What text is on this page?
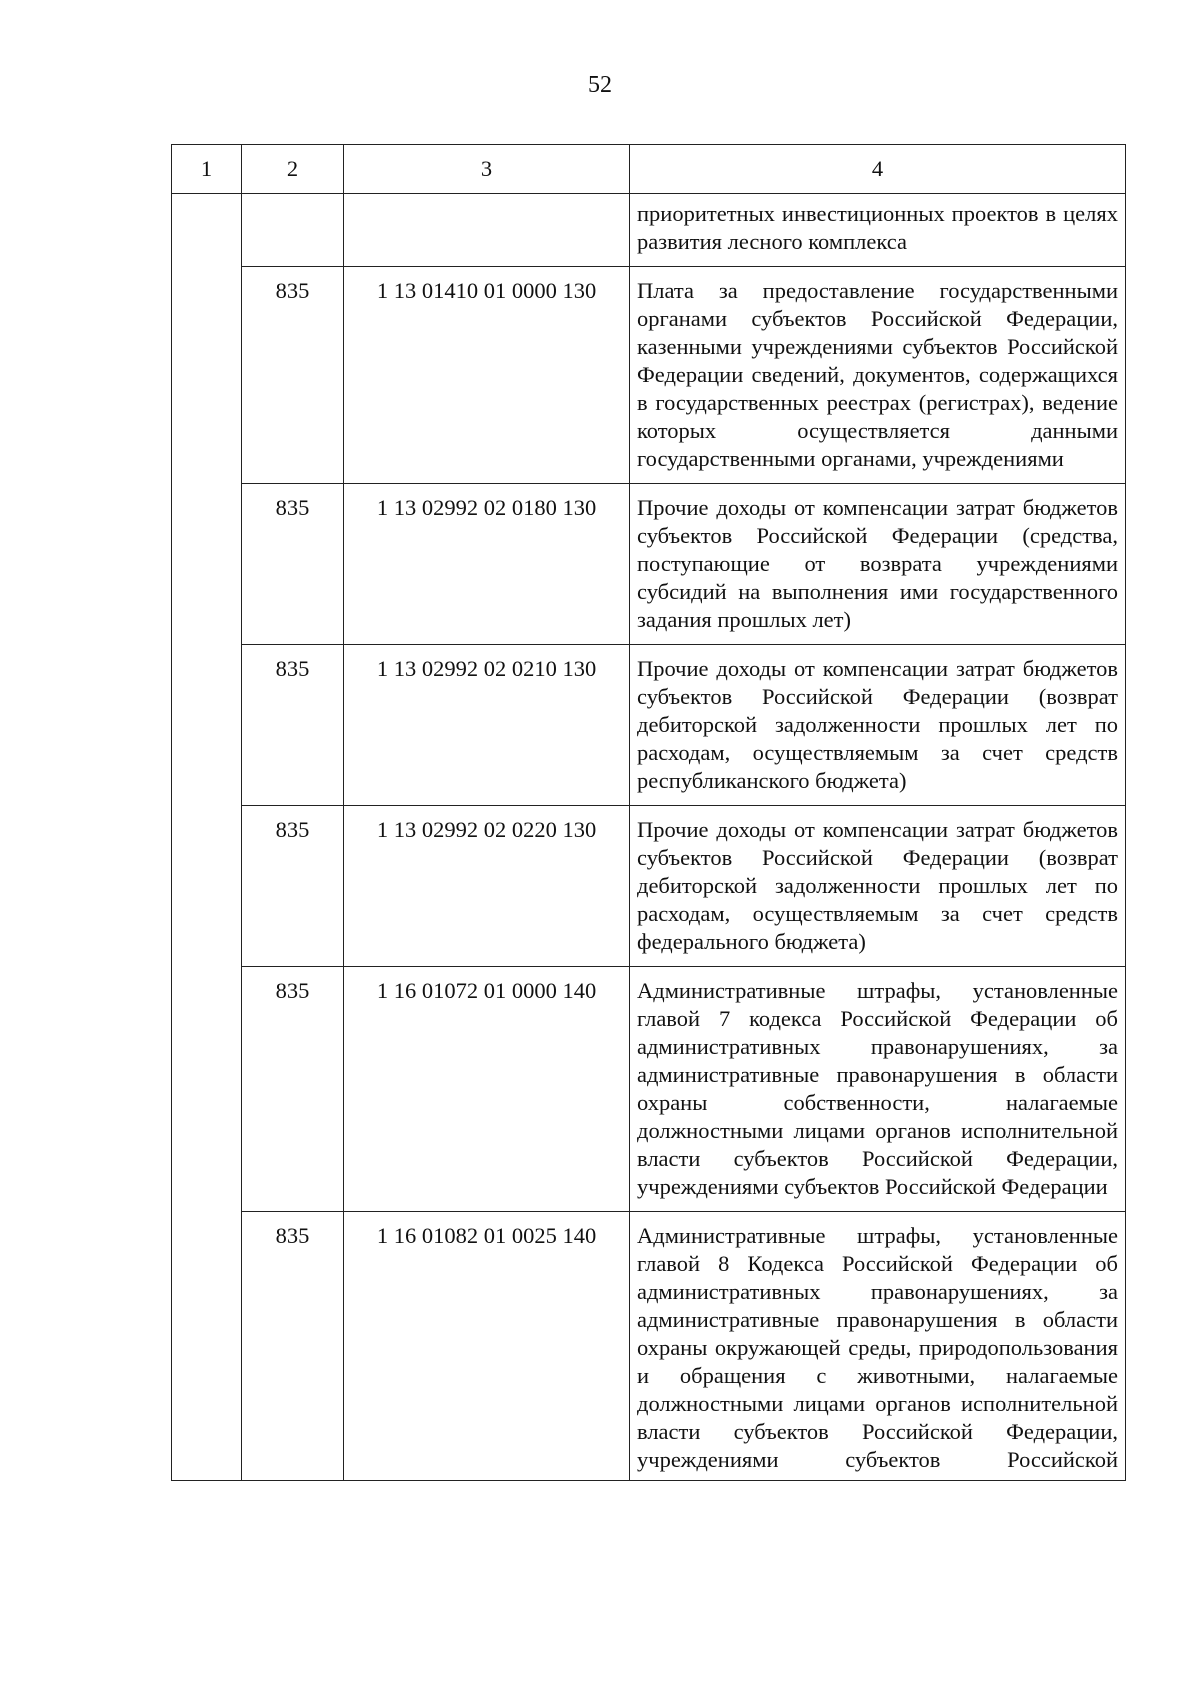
52
1	2	3	4
			приоритетных инвестиционных проектов в целях развития лесного комплекса
	835	1 13 01410 01 0000 130	Плата за предоставление государственными органами субъектов Российской Федерации, казенными учреждениями субъектов Российской Федерации сведений, документов, содержащихся в государственных реестрах (регистрах), ведение которых осуществляется данными государственными органами, учреждениями
	835	1 13 02992 02 0180 130	Прочие доходы от компенсации затрат бюджетов субъектов Российской Федерации (средства, поступающие от возврата учреждениями субсидий на выполнения ими государственного задания прошлых лет)
	835	1 13 02992 02 0210 130	Прочие доходы от компенсации затрат бюджетов субъектов Российской Федерации (возврат дебиторской задолженности прошлых лет по расходам, осуществляемым за счет средств республиканского бюджета)
	835	1 13 02992 02 0220 130	Прочие доходы от компенсации затрат бюджетов субъектов Российской Федерации (возврат дебиторской задолженности прошлых лет по расходам, осуществляемым за счет средств федерального бюджета)
	835	1 16 01072 01 0000 140	Административные штрафы, установленные главой 7 кодекса Российской Федерации об административных правонарушениях, за административные правонарушения в области охраны собственности, налагаемые должностными лицами органов исполнительной власти субъектов Российской Федерации, учреждениями субъектов Российской Федерации
	835	1 16 01082 01 0025 140	Административные штрафы, установленные главой 8 Кодекса Российской Федерации об административных правонарушениях, за административные правонарушения в области охраны окружающей среды, природопользования и обращения с животными, налагаемые должностными лицами органов исполнительной власти субъектов Российской Федерации, учреждениями субъектов Российской
